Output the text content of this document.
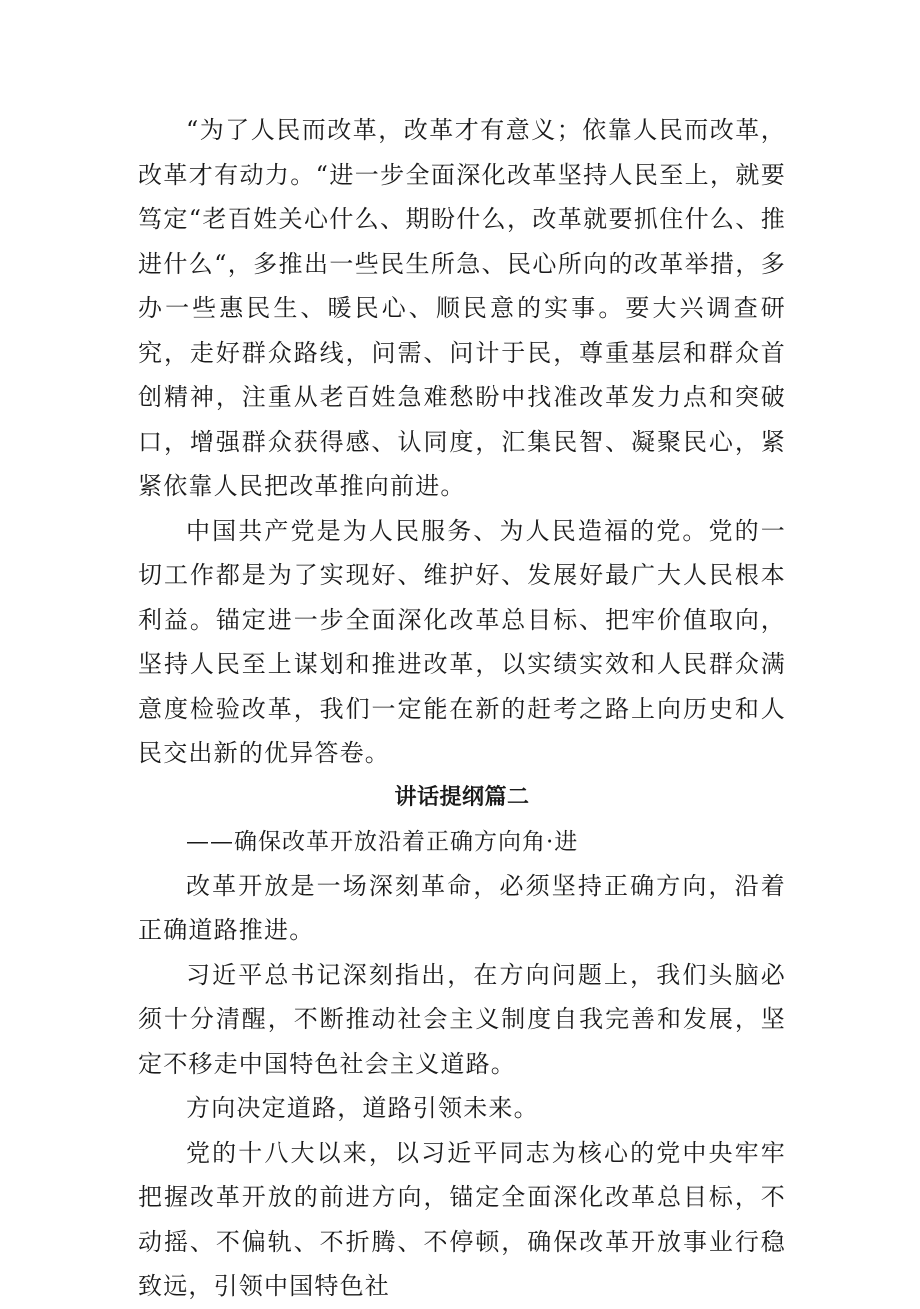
“为了人民而改革，改革才有意义；依靠人民而改革，改革才有动力。“进一步全面深化改革坚持人民至上，就要笃定“老百姓关心什么、期盼什么，改革就要抓住什么、推进什么“，多推出一些民生所急、民心所向的改革举措，多办一些惠民生、暖民心、顺民意的实事。要大兴调查研究，走好群众路线，问需、问计于民，尊重基层和群众首创精神，注重从老百姓急难愁盼中找准改革发力点和突破口，增强群众获得感、认同度，汇集民智、凝聚民心，紧紧依靠人民把改革推向前进。

中国共产党是为人民服务、为人民造福的党。党的一切工作都是为了实现好、维护好、发展好最广大人民根本利益。锚定进一步全面深化改革总目标、把牢价值取向，坚持人民至上谋划和推进改革，以实绩实效和人民群众满意度检验改革，我们一定能在新的赶考之路上向历史和人民交出新的优异答卷。

讲话提纲篇二

——确保改革开放沿着正确方向角·进

改革开放是一场深刻革命，必须坚持正确方向，沿着正确道路推进。

习近平总书记深刻指出，在方向问题上，我们头脑必须十分清醒，不断推动社会主义制度自我完善和发展，坚定不移走中国特色社会主义道路。

方向决定道路，道路引领未来。

党的十八大以来，以习近平同志为核心的党中央牢牢把握改革开放的前进方向，锚定全面深化改革总目标，不动摇、不偏轨、不折腾、不停顿，确保改革开放事业行稳致远，引领中国特色社
